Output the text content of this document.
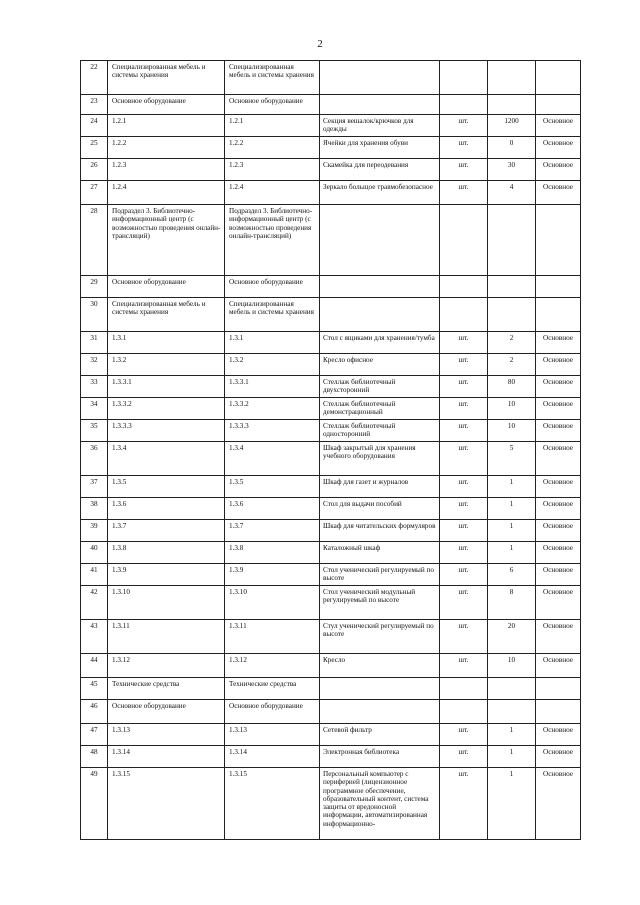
2
22	Специализированная мебель и системы хранения	Специализированная мебель и системы хранения				
23	Основное оборудование	Основное оборудование				
24	1.2.1	1.2.1	Секция вешалок/крючков для одежды	шт.	1200	Основное
25	1.2.2	1.2.2	Ячейки для хранения обуви	шт.	0	Основное
26	1.2.3	1.2.3	Скамейка для переодевания	шт.	30	Основное
27	1.2.4	1.2.4	Зеркало больщое травмобезопасное	шт.	4	Основное
28	Подраздел 3. Библиотечно-информационный центр (с возможностью проведения онлайн-трансляций)	Подраздел 3. Библиотечно-информационный центр (с возможностью проведения онлайн-трансляций)				
29	Основное оборудование	Основное оборудование				
30	Специализированная мебель и системы хранения	Специализированная мебель и системы хранения				
31	1.3.1	1.3.1	Стол с ящиками для хранения/тумба	шт.	2	Основное
32	1.3.2	1.3.2	Кресло офисное	шт.	2	Основное
33	1.3.3.1	1.3.3.1	Стеллаж библиотечный двухсторонний	шт.	80	Основное
34	1.3.3.2	1.3.3.2	Стеллаж библиотечный демонстрационный	шт.	10	Основное
35	1.3.3.3	1.3.3.3	Стеллаж библиотечный односторонний	шт.	10	Основное
36	1.3.4	1.3.4	Шкаф закрытый для хранения учебного оборудования	шт.	5	Основное
37	1.3.5	1.3.5	Шкаф для газет и журналов	шт.	1	Основное
38	1.3.6	1.3.6	Стол для выдачи пособий	шт.	1	Основное
39	1.3.7	1.3.7	Шкаф для читательских формуляров	шт.	1	Основное
40	1.3.8	1.3.8	Каталожный шкаф	шт.	1	Основное
41	1.3.9	1.3.9	Стол ученический регулируемый по высоте	шт.	6	Основное
42	1.3.10	1.3.10	Стол ученический модульный регулируемый по высоте	шт.	8	Основное
43	1.3.11	1.3.11	Стул ученический регулируемый по высоте	шт.	20	Основное
44	1.3.12	1.3.12	Кресло	шт.	10	Основное
45	Технические средства	Технические средства				
46	Основное оборудование	Основное оборудование				
47	1.3.13	1.3.13	Сетевой фильтр	шт.	1	Основное
48	1.3.14	1.3.14	Электронная библиотека	шт.	1	Основное
49	1.3.15	1.3.15	Персональный компьютер с периферией (лицензионное программное обеспечение, образовательный контент, система защиты от вредоносной информации, автоматизированная информационно-	шт.	1	Основное
